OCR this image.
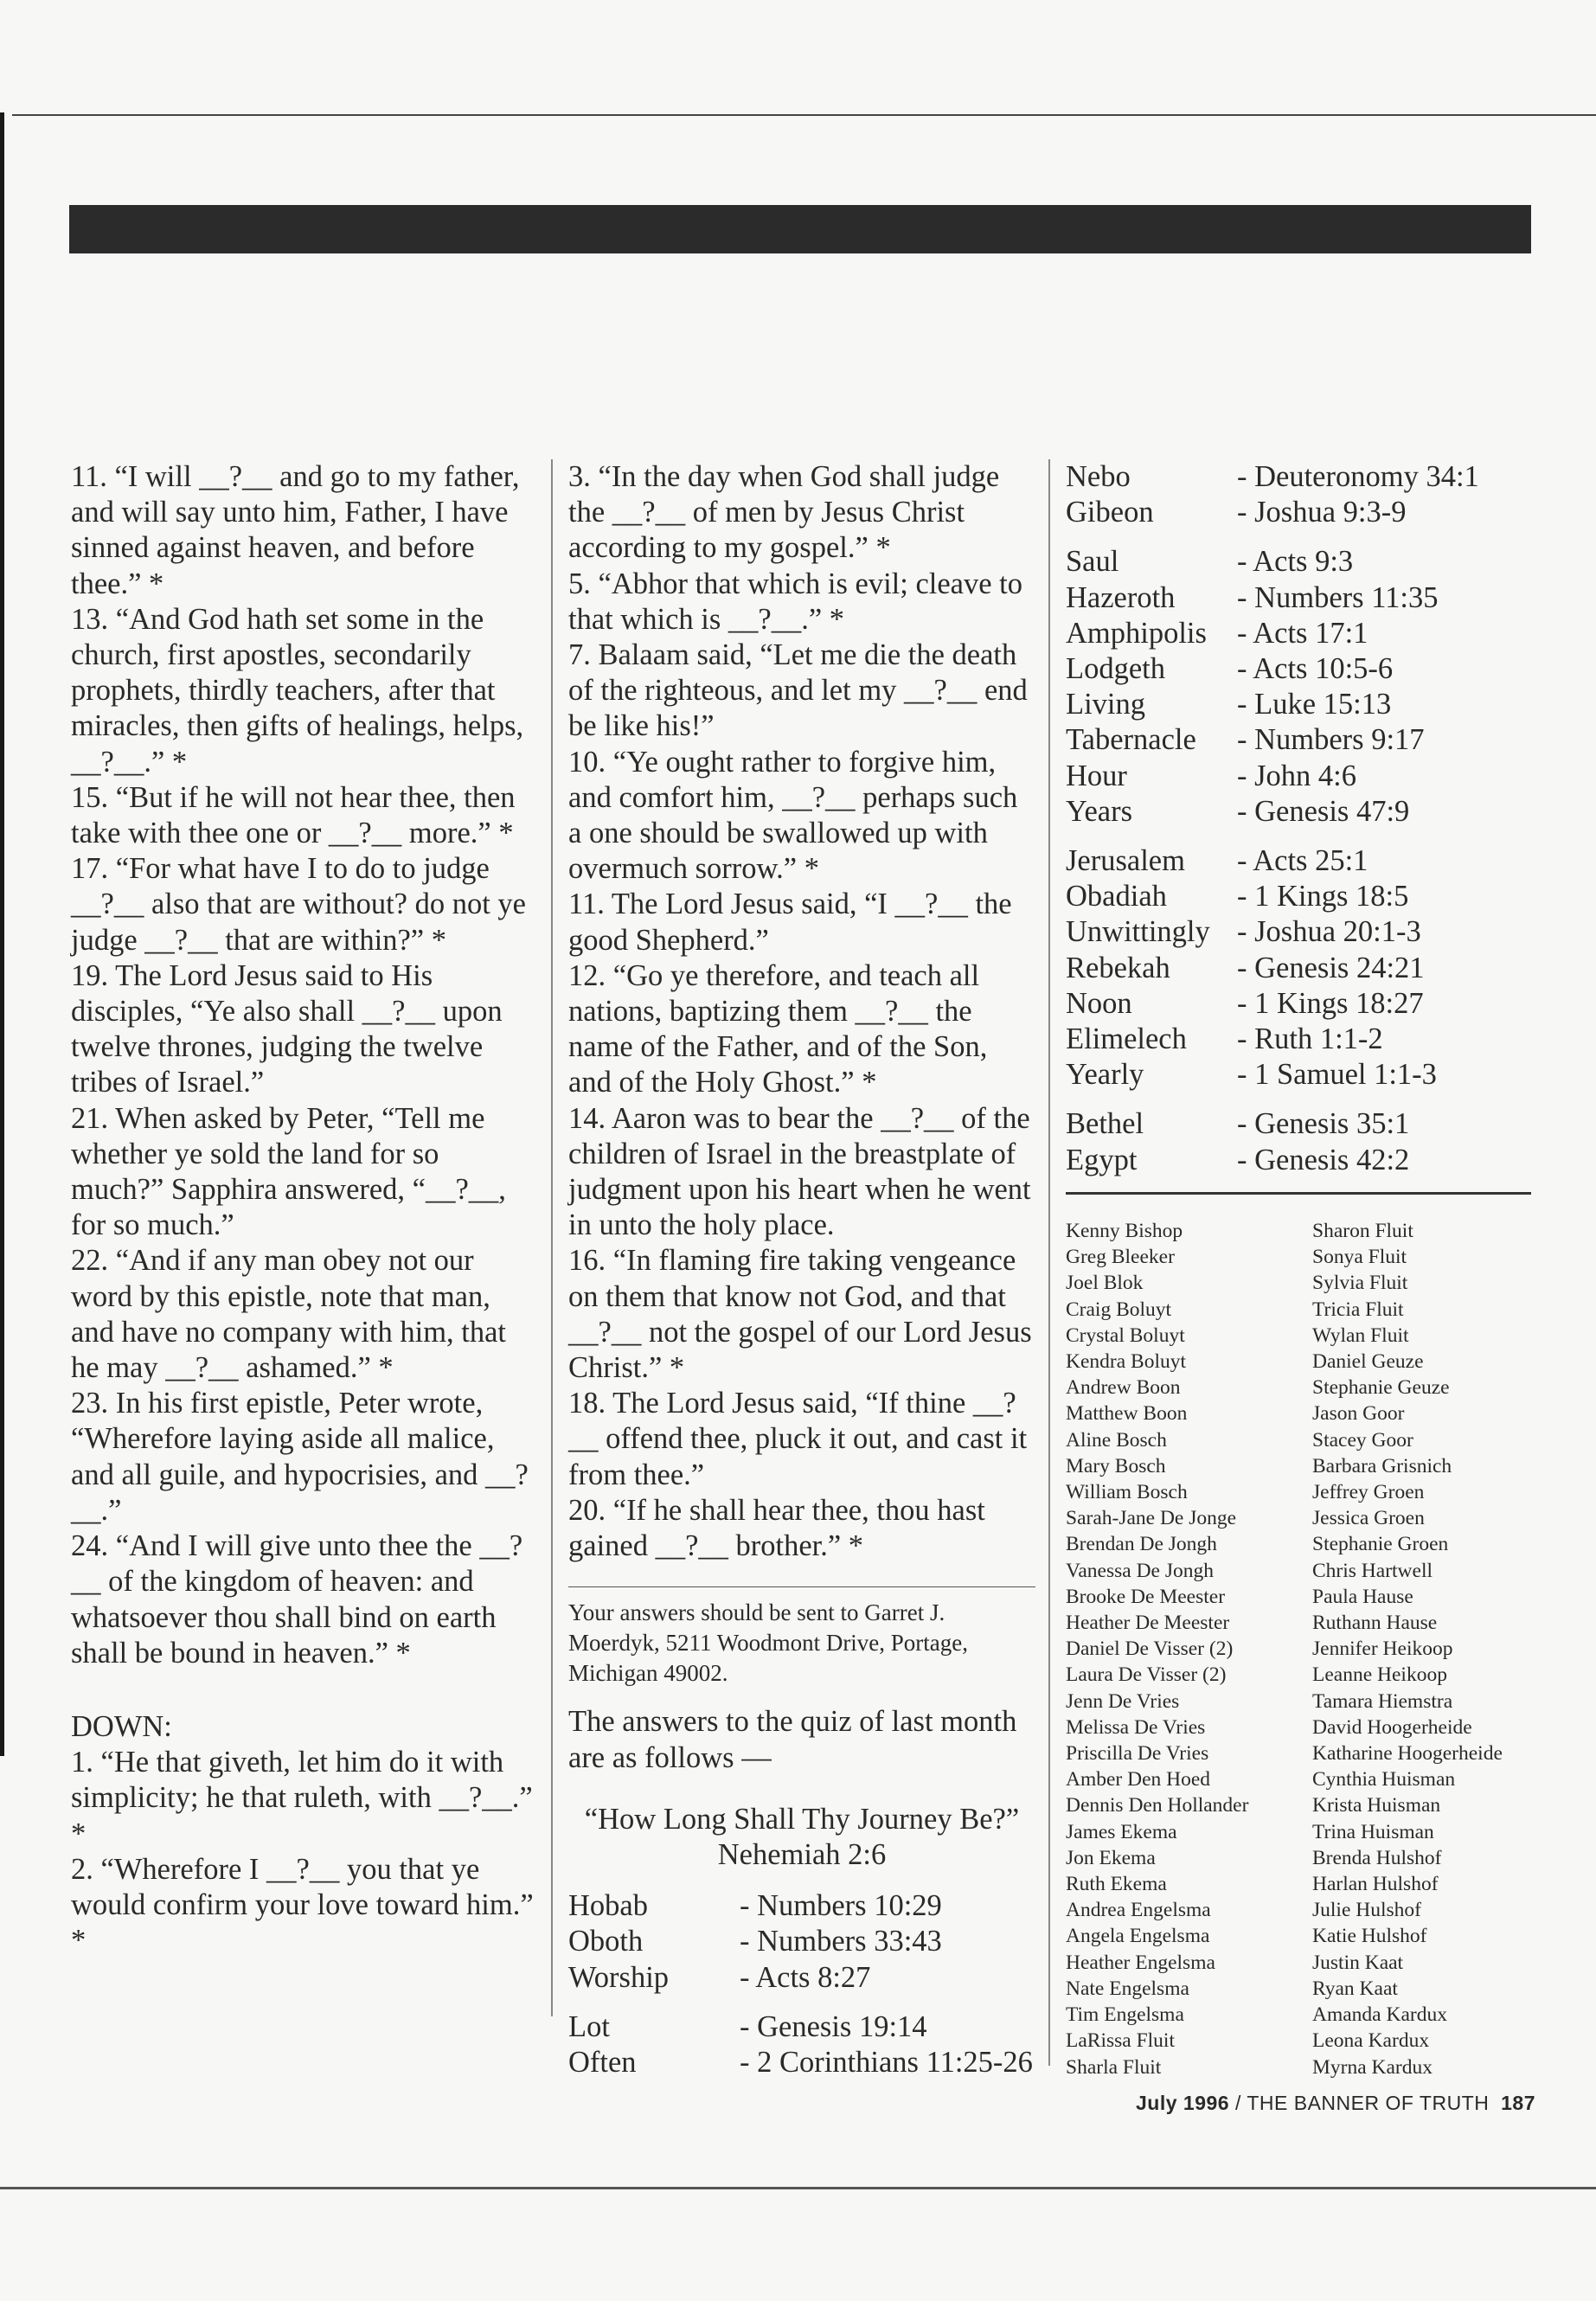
11. “I will __?__ and go to my father, and will say unto him, Father, I have sinned against heaven, and before thee.” *
13. “And God hath set some in the church, first apostles, secondarily prophets, thirdly teachers, after that miracles, then gifts of healings, helps, __?__.” *
15. “But if he will not hear thee, then take with thee one or __?__ more.” *
17. “For what have I to do to judge __?__ also that are without? do not ye judge __?__ that are within?” *
19. The Lord Jesus said to His disciples, “Ye also shall __?__ upon twelve thrones, judging the twelve tribes of Israel.”
21. When asked by Peter, “Tell me whether ye sold the land for so much?” Sapphira answered, “__?__, for so much.”
22. “And if any man obey not our word by this epistle, note that man, and have no company with him, that he may __?__ ashamed.” *
23. In his first epistle, Peter wrote, “Wherefore laying aside all malice, and all guile, and hypocrisies, and __?__.”
24. “And I will give unto thee the __?__ of the kingdom of heaven: and whatsoever thou shall bind on earth shall be bound in heaven.” *
DOWN:
1. “He that giveth, let him do it with simplicity; he that ruleth, with __?__.” *
2. “Wherefore I __?__ you that ye would confirm your love toward him.” *
3. “In the day when God shall judge the __?__ of men by Jesus Christ according to my gospel.” *
5. “Abhor that which is evil; cleave to that which is __?__.” *
7. Balaam said, “Let me die the death of the righteous, and let my __?__ end be like his!”
10. “Ye ought rather to forgive him, and comfort him, __?__ perhaps such a one should be swallowed up with overmuch sorrow.” *
11. The Lord Jesus said, “I __?__ the good Shepherd.”
12. “Go ye therefore, and teach all nations, baptizing them __?__ the name of the Father, and of the Son, and of the Holy Ghost.” *
14. Aaron was to bear the __?__ of the children of Israel in the breastplate of judgment upon his heart when he went in unto the holy place.
16. “In flaming fire taking vengeance on them that know not God, and that __?__ not the gospel of our Lord Jesus Christ.” *
18. The Lord Jesus said, “If thine __?__ offend thee, pluck it out, and cast it from thee.”
20. “If he shall hear thee, thou hast gained __?__ brother.” *
Your answers should be sent to Garret J. Moerdyk, 5211 Woodmont Drive, Portage, Michigan 49002.
The answers to the quiz of last month are as follows —
“How Long Shall Thy Journey Be?”
Nehemiah 2:6
Hobab	- Numbers 10:29
Oboth	- Numbers 33:43
Worship	- Acts 8:27
Lot	- Genesis 19:14
Often	- 2 Corinthians 11:25-26
Nebo	- Deuteronomy 34:1
Gibeon	- Joshua 9:3-9
Saul	- Acts 9:3
Hazeroth	- Numbers 11:35
Amphipolis	- Acts 17:1
Lodgeth	- Acts 10:5-6
Living	- Luke 15:13
Tabernacle	- Numbers 9:17
Hour	- John 4:6
Years	- Genesis 47:9
Jerusalem	- Acts 25:1
Obadiah	- 1 Kings 18:5
Unwittingly	- Joshua 20:1-3
Rebekah	- Genesis 24:21
Noon	- 1 Kings 18:27
Elimelech	- Ruth 1:1-2
Yearly	- 1 Samuel 1:1-3
Bethel	- Genesis 35:1
Egypt	- Genesis 42:2
Kenny Bishop
Greg Bleeker
Joel Blok
Craig Boluyt
Crystal Boluyt
Kendra Boluyt
Andrew Boon
Matthew Boon
Aline Bosch
Mary Bosch
William Bosch
Sarah-Jane De Jonge
Brendan De Jongh
Vanessa De Jongh
Brooke De Meester
Heather De Meester
Daniel De Visser (2)
Laura De Visser (2)
Jenn De Vries
Melissa De Vries
Priscilla De Vries
Amber Den Hoed
Dennis Den Hollander
James Ekema
Jon Ekema
Ruth Ekema
Andrea Engelsma
Angela Engelsma
Heather Engelsma
Nate Engelsma
Tim Engelsma
LaRissa Fluit
Sharla Fluit
Sharon Fluit
Sonya Fluit
Sylvia Fluit
Tricia Fluit
Wylan Fluit
Daniel Geuze
Stephanie Geuze
Jason Goor
Stacey Goor
Barbara Grisnich
Jeffrey Groen
Jessica Groen
Stephanie Groen
Chris Hartwell
Paula Hause
Ruthann Hause
Jennifer Heikoop
Leanne Heikoop
Tamara Hiemstra
David Hoogerheide
Katharine Hoogerheide
Cynthia Huisman
Krista Huisman
Trina Huisman
Brenda Hulshof
Harlan Hulshof
Julie Hulshof
Katie Hulshof
Justin Kaat
Ryan Kaat
Amanda Kardux
Leona Kardux
Myrna Kardux
July 1996 / THE BANNER OF TRUTH 187
